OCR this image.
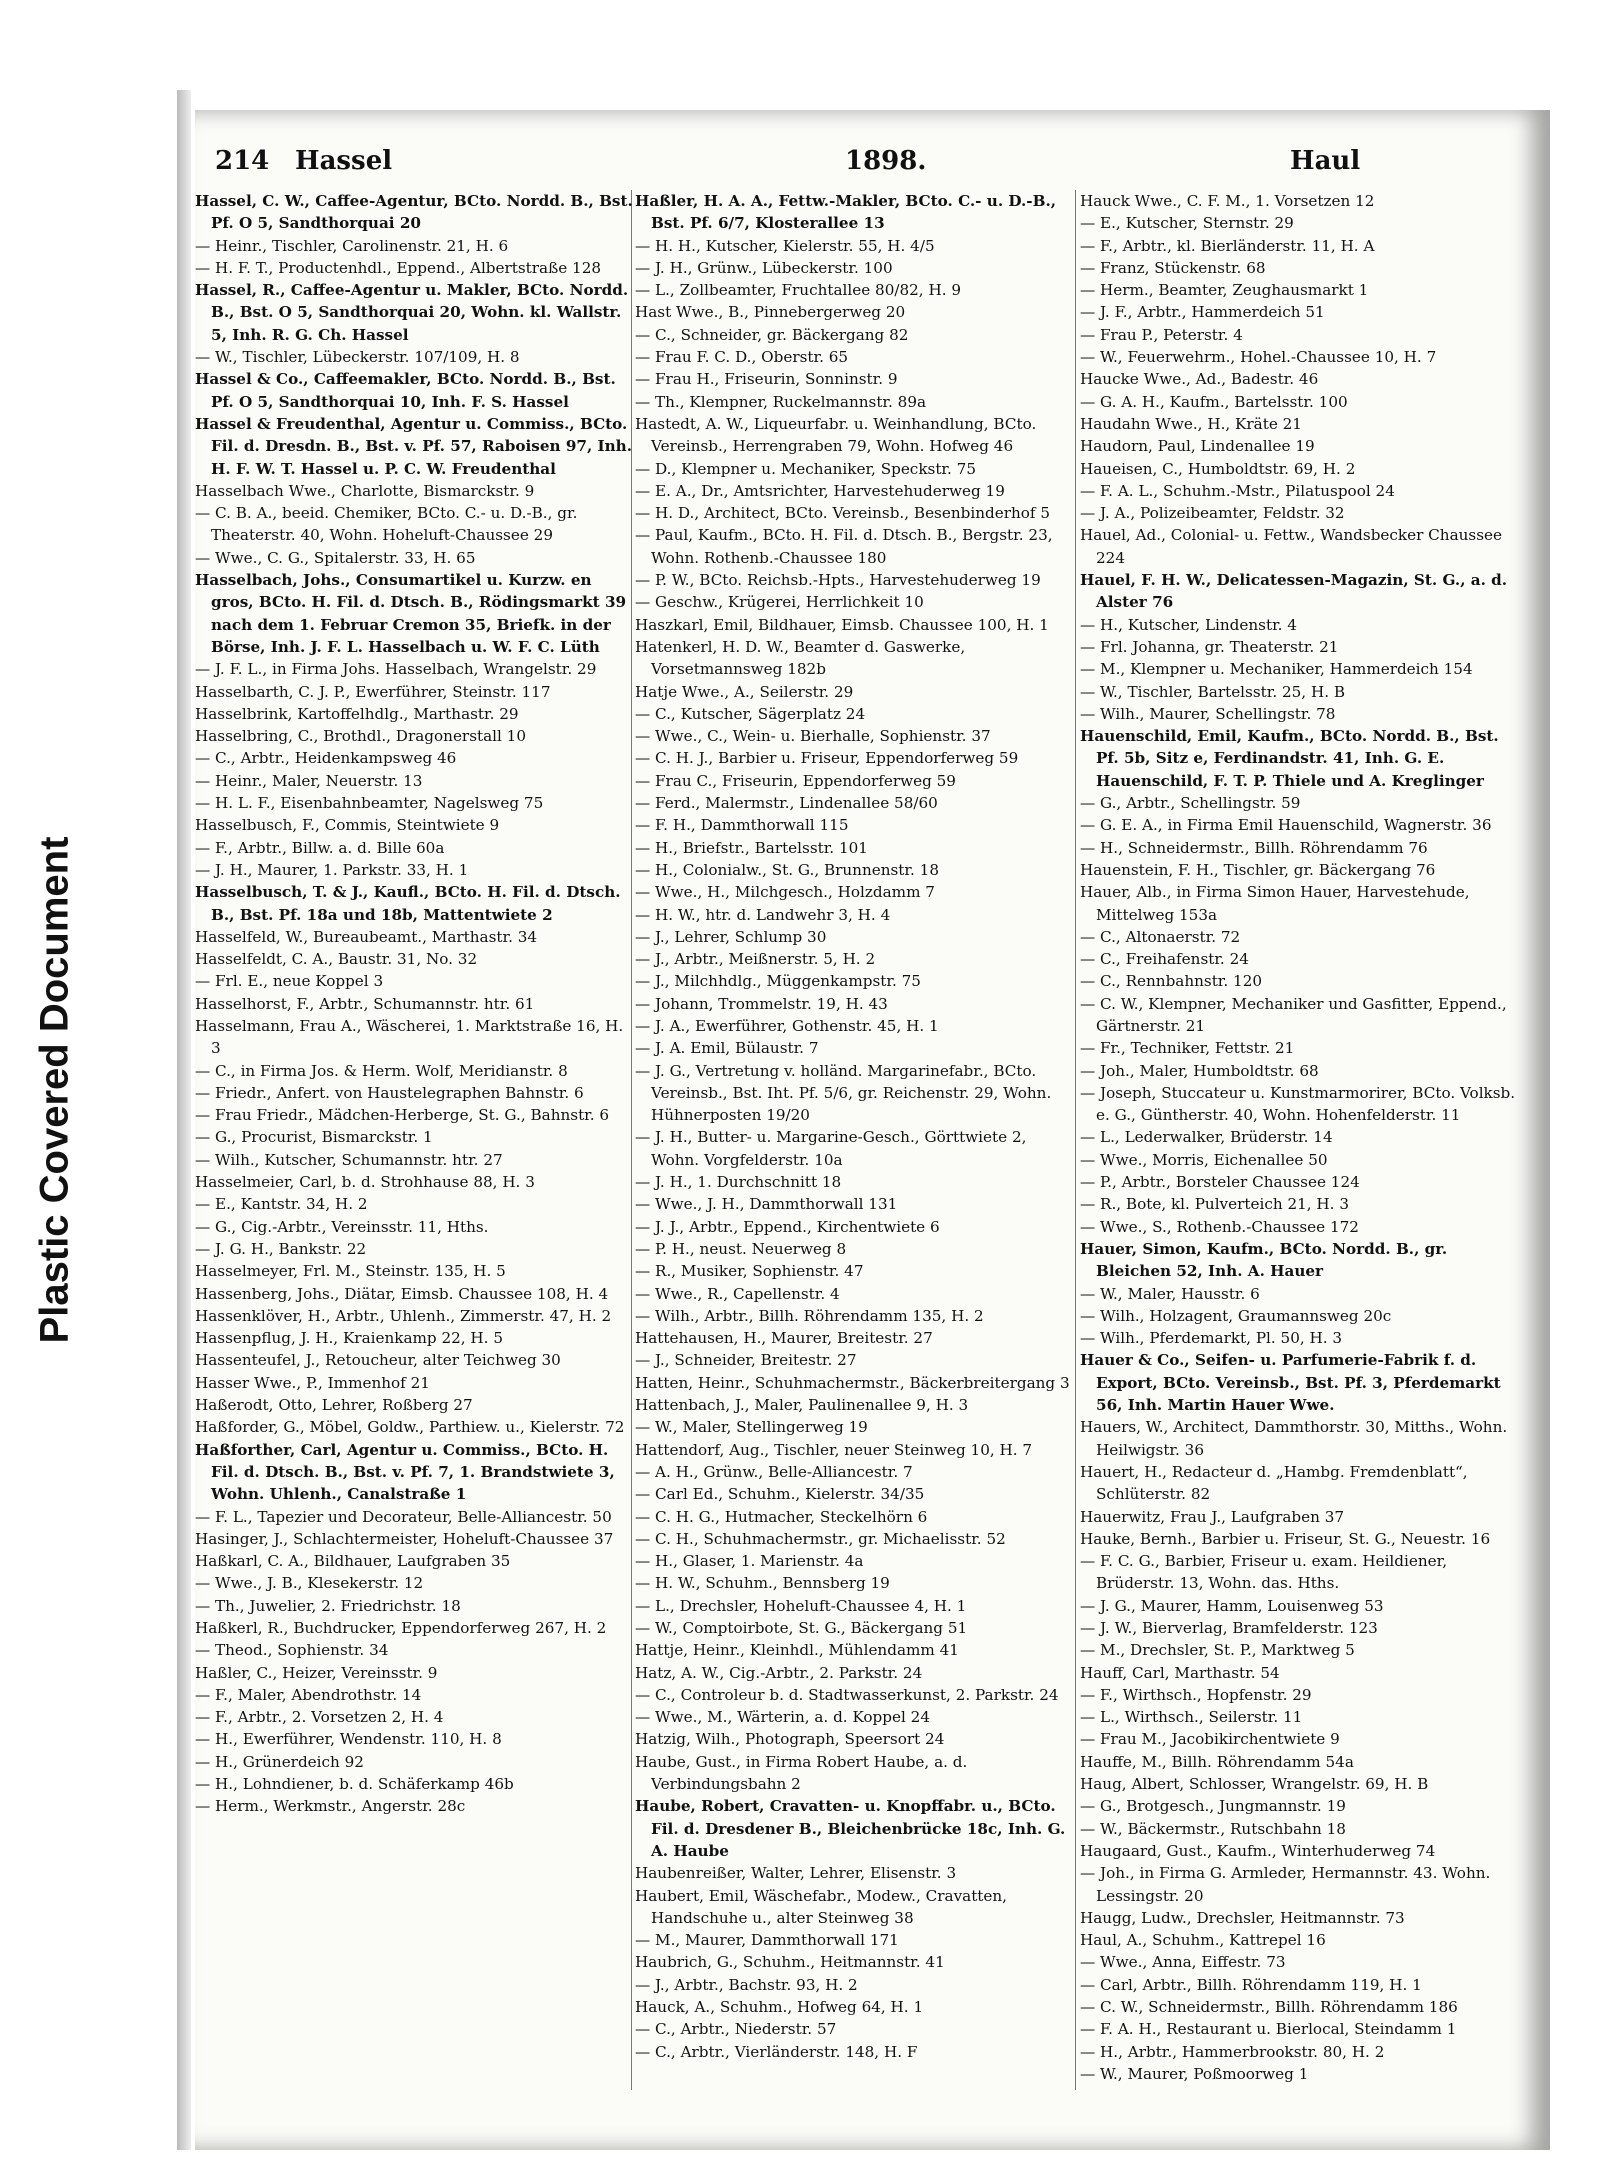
Plastic Covered Document
214 Hassel	1898.	Haul

Hassel, C. W., Caffee-Agentur, BCto. Nordd. B., Bst. Pf. O 5, Sandthorquai 20

— Heinr., Tischler, Carolinenstr. 21, H. 6

— H. F. T., Productenhdl., Eppend., Albertstraße 128

Hassel, R., Caffee-Agentur u. Makler, BCto. Nordd. B., Bst. O 5, Sandthorquai 20, Wohn. kl. Wallstr. 5, Inh. R. G. Ch. Hassel

— W., Tischler, Lübeckerstr. 107/109, H. 8

Hassel & Co., Caffeemakler, BCto. Nordd. B., Bst. Pf. O 5, Sandthorquai 10, Inh. F. S. Hassel

Hassel & Freudenthal, Agentur u. Commiss., BCto. Fil. d. Dresdn. B., Bst. v. Pf. 57, Raboisen 97, Inh. H. F. W. T. Hassel u. P. C. W. Freudenthal

Hasselbach Wwe., Charlotte, Bismarckstr. 9

— C. B. A., beeid. Chemiker, BCto. C.- u. D.-B., gr. Theaterstr. 40, Wohn. Hoheluft-Chaussee 29

— Wwe., C. G., Spitalerstr. 33, H. 65

Hasselbach, Johs., Consumartikel u. Kurzw. en gros, BCto. H. Fil. d. Dtsch. B., Rödingsmarkt 39 nach dem 1. Februar Cremon 35, Briefk. in der Börse, Inh. J. F. L. Hasselbach u. W. F. C. Lüth

— J. F. L., in Firma Johs. Hasselbach, Wrangelstr. 29

Hasselbarth, C. J. P., Ewerführer, Steinstr. 117

Hasselbrink, Kartoffelhdlg., Marthastr. 29

Hasselbring, C., Brothdl., Dragonerstall 10

— C., Arbtr., Heidenkampsweg 46

— Heinr., Maler, Neuerstr. 13

— H. L. F., Eisenbahnbeamter, Nagelsweg 75

Hasselbusch, F., Commis, Steintwiete 9

— F., Arbtr., Billw. a. d. Bille 60a

— J. H., Maurer, 1. Parkstr. 33, H. 1

Hasselbusch, T. & J., Kaufl., BCto. H. Fil. d. Dtsch. B., Bst. Pf. 18a und 18b, Mattentwiete 2

Hasselfeld, W., Bureaubeamt., Marthastr. 34

Hasselfeldt, C. A., Baustr. 31, No. 32

— Frl. E., neue Koppel 3

Hasselhorst, F., Arbtr., Schumannstr. htr. 61

Hasselmann, Frau A., Wäscherei, 1. Marktstraße 16, H. 3

— C., in Firma Jos. & Herm. Wolf, Meridianstr. 8

— Friedr., Anfert. von Haustelegraphen Bahnstr. 6

— Frau Friedr., Mädchen-Herberge, St. G., Bahnstr. 6

— G., Procurist, Bismarckstr. 1

— Wilh., Kutscher, Schumannstr. htr. 27

Hasselmeier, Carl, b. d. Strohhause 88, H. 3

— E., Kantstr. 34, H. 2

— G., Cig.-Arbtr., Vereinsstr. 11, Hths.

— J. G. H., Bankstr. 22

Hasselmeyer, Frl. M., Steinstr. 135, H. 5

Hassenberg, Johs., Diätar, Eimsb. Chaussee 108, H. 4

Hassenklöver, H., Arbtr., Uhlenh., Zimmerstr. 47, H. 2

Hassenpflug, J. H., Kraienkamp 22, H. 5

Hassenteufel, J., Retoucheur, alter Teichweg 30

Hasser Wwe., P., Immenhof 21

Haßerodt, Otto, Lehrer, Roßberg 27

Haßforder, G., Möbel, Goldw., Parthiew. u., Kielerstr. 72

Haßforther, Carl, Agentur u. Commiss., BCto. H. Fil. d. Dtsch. B., Bst. v. Pf. 7, 1. Brandstwiete 3, Wohn. Uhlenh., Canalstraße 1

— F. L., Tapezier und Decorateur, Belle-Alliancestr. 50

Hasinger, J., Schlachtermeister, Hoheluft-Chaussee 37

Haßkarl, C. A., Bildhauer, Laufgraben 35

— Wwe., J. B., Klesekerstr. 12

— Th., Juwelier, 2. Friedrichstr. 18

Haßkerl, R., Buchdrucker, Eppendorferweg 267, H. 2

— Theod., Sophienstr. 34

Haßler, C., Heizer, Vereinsstr. 9

— F., Maler, Abendrothstr. 14

— F., Arbtr., 2. Vorsetzen 2, H. 4

— H., Ewerführer, Wendenstr. 110, H. 8

— H., Grünerdeich 92

— H., Lohndiener, b. d. Schäferkamp 46b

— Herm., Werkmstr., Angerstr. 28c

Haßler, H. A. A., Fettw.-Makler, BCto. C.- u. D.-B., Bst. Pf. 6/7, Klosterallee 13

— H. H., Kutscher, Kielerstr. 55, H. 4/5

— J. H., Grünw., Lübeckerstr. 100

— L., Zollbeamter, Fruchtallee 80/82, H. 9

Hast Wwe., B., Pinnebergerweg 20

— C., Schneider, gr. Bäckergang 82

— Frau F. C. D., Oberstr. 65

— Frau H., Friseurin, Sonninstr. 9

— Th., Klempner, Ruckelmannstr. 89a

Hastedt, A. W., Liqueurfabr. u. Weinhandlung, BCto. Vereinsb., Herrengraben 79, Wohn. Hofweg 46

— D., Klempner u. Mechaniker, Speckstr. 75

— E. A., Dr., Amtsrichter, Harvestehuderweg 19

— H. D., Architect, BCto. Vereinsb., Besenbinderhof 5

— Paul, Kaufm., BCto. H. Fil. d. Dtsch. B., Bergstr. 23, Wohn. Rothenb.-Chaussee 180

— P. W., BCto. Reichsb.-Hpts., Harvestehuderweg 19

— Geschw., Krügerei, Herrlichkeit 10

Haszkarl, Emil, Bildhauer, Eimsb. Chaussee 100, H. 1

Hatenkerl, H. D. W., Beamter d. Gaswerke, Vorsetmannsweg 182b

Hatje Wwe., A., Seilerstr. 29

— C., Kutscher, Sägerplatz 24

— Wwe., C., Wein- u. Bierhalle, Sophienstr. 37

— C. H. J., Barbier u. Friseur, Eppendorferweg 59

— Frau C., Friseurin, Eppendorferweg 59

— Ferd., Malermstr., Lindenallee 58/60

— F. H., Dammthorwall 115

— H., Briefstr., Bartelsstr. 101

— H., Colonialw., St. G., Brunnenstr. 18

— Wwe., H., Milchgesch., Holzdamm 7

— H. W., htr. d. Landwehr 3, H. 4

— J., Lehrer, Schlump 30

— J., Arbtr., Meißnerstr. 5, H. 2

— J., Milchhdlg., Müggenkampstr. 75

— Johann, Trommelstr. 19, H. 43

— J. A., Ewerführer, Gothenstr. 45, H. 1

— J. A. Emil, Bülaustr. 7

— J. G., Vertretung v. holländ. Margarinefabr., BCto. Vereinsb., Bst. Iht. Pf. 5/6, gr. Reichenstr. 29, Wohn. Hühnerposten 19/20

— J. H., Butter- u. Margarine-Gesch., Görttwiete 2, Wohn. Vorgfelderstr. 10a

— J. H., 1. Durchschnitt 18

— Wwe., J. H., Dammthorwall 131

— J. J., Arbtr., Eppend., Kirchentwiete 6

— P. H., neust. Neuerweg 8

— R., Musiker, Sophienstr. 47

— Wwe., R., Capellenstr. 4

— Wilh., Arbtr., Billh. Röhrendamm 135, H. 2

Hattehausen, H., Maurer, Breitestr. 27

— J., Schneider, Breitestr. 27

Hatten, Heinr., Schuhmachermstr., Bäckerbreitergang 3

Hattenbach, J., Maler, Paulinenallee 9, H. 3

— W., Maler, Stellingerweg 19

Hattendorf, Aug., Tischler, neuer Steinweg 10, H. 7

— A. H., Grünw., Belle-Alliancestr. 7

— Carl Ed., Schuhm., Kielerstr. 34/35

— C. H. G., Hutmacher, Steckelhörn 6

— C. H., Schuhmachermstr., gr. Michaelisstr. 52

— H., Glaser, 1. Marienstr. 4a

— H. W., Schuhm., Bennsberg 19

— L., Drechsler, Hoheluft-Chaussee 4, H. 1

— W., Comptoirbote, St. G., Bäckergang 51

Hattje, Heinr., Kleinhdl., Mühlendamm 41

Hatz, A. W., Cig.-Arbtr., 2. Parkstr. 24

— C., Controleur b. d. Stadtwasserkunst, 2. Parkstr. 24

— Wwe., M., Wärterin, a. d. Koppel 24

Hatzig, Wilh., Photograph, Speersort 24

Haube, Gust., in Firma Robert Haube, a. d. Verbindungsbahn 2

Haube, Robert, Cravatten- u. Knopffabr. u., BCto. Fil. d. Dresdener B., Bleichenbrücke 18c, Inh. G. A. Haube

Haubenreißer, Walter, Lehrer, Elisenstr. 3

Haubert, Emil, Wäschefabr., Modew., Cravatten, Handschuhe u., alter Steinweg 38

— M., Maurer, Dammthorwall 171

Haubrich, G., Schuhm., Heitmannstr. 41

— J., Arbtr., Bachstr. 93, H. 2

Hauck, A., Schuhm., Hofweg 64, H. 1

— C., Arbtr., Niederstr. 57

— C., Arbtr., Vierländerstr. 148, H. F

Hauck Wwe., C. F. M., 1. Vorsetzen 12

— E., Kutscher, Sternstr. 29

— F., Arbtr., kl. Bierländerstr. 11, H. A

— Franz, Stückenstr. 68

— Herm., Beamter, Zeughausmarkt 1

— J. F., Arbtr., Hammerdeich 51

— Frau P., Peterstr. 4

— W., Feuerwehrm., Hohel.-Chaussee 10, H. 7

Haucke Wwe., Ad., Badestr. 46

— G. A. H., Kaufm., Bartelsstr. 100

Haudahn Wwe., H., Kräte 21

Haudorn, Paul, Lindenallee 19

Haueisen, C., Humboldtstr. 69, H. 2

— F. A. L., Schuhm.-Mstr., Pilatuspool 24

— J. A., Polizeibeamter, Feldstr. 32

Hauel, Ad., Colonial- u. Fettw., Wandsbecker Chaussee 224

Hauel, F. H. W., Delicatessen-Magazin, St. G., a. d. Alster 76

— H., Kutscher, Lindenstr. 4

— Frl. Johanna, gr. Theaterstr. 21

— M., Klempner u. Mechaniker, Hammerdeich 154

— W., Tischler, Bartelsstr. 25, H. B

— Wilh., Maurer, Schellingstr. 78

Hauenschild, Emil, Kaufm., BCto. Nordd. B., Bst. Pf. 5b, Sitz e, Ferdinandstr. 41, Inh. G. E. Hauenschild, F. T. P. Thiele und A. Kreglinger

— G., Arbtr., Schellingstr. 59

— G. E. A., in Firma Emil Hauenschild, Wagnerstr. 36

— H., Schneidermstr., Billh. Röhrendamm 76

Hauenstein, F. H., Tischler, gr. Bäckergang 76

Hauer, Alb., in Firma Simon Hauer, Harvestehude, Mittelweg 153a

— C., Altonaerstr. 72

— C., Freihafenstr. 24

— C., Rennbahnstr. 120

— C. W., Klempner, Mechaniker und Gasfitter, Eppend., Gärtnerstr. 21

— Fr., Techniker, Fettstr. 21

— Joh., Maler, Humboldtstr. 68

— Joseph, Stuccateur u. Kunstmarmorirer, BCto. Volksb. e. G., Güntherstr. 40, Wohn. Hohenfelderstr. 11

— L., Lederwalker, Brüderstr. 14

— Wwe., Morris, Eichenallee 50

— P., Arbtr., Borsteler Chaussee 124

— R., Bote, kl. Pulverteich 21, H. 3

— Wwe., S., Rothenb.-Chaussee 172

Hauer, Simon, Kaufm., BCto. Nordd. B., gr. Bleichen 52, Inh. A. Hauer

— W., Maler, Hausstr. 6

— Wilh., Holzagent, Graumannsweg 20c

— Wilh., Pferdemarkt, Pl. 50, H. 3

Hauer & Co., Seifen- u. Parfumerie-Fabrik f. d. Export, BCto. Vereinsb., Bst. Pf. 3, Pferdemarkt 56, Inh. Martin Hauer Wwe.

Hauers, W., Architect, Dammthorstr. 30, Mitths., Wohn. Heilwigstr. 36

Hauert, H., Redacteur d. „Hambg. Fremdenblatt“, Schlüterstr. 82

Hauerwitz, Frau J., Laufgraben 37

Hauke, Bernh., Barbier u. Friseur, St. G., Neuestr. 16

— F. C. G., Barbier, Friseur u. exam. Heildiener, Brüderstr. 13, Wohn. das. Hths.

— J. G., Maurer, Hamm, Louisenweg 53

— J. W., Bierverlag, Bramfelderstr. 123

— M., Drechsler, St. P., Marktweg 5

Hauff, Carl, Marthastr. 54

— F., Wirthsch., Hopfenstr. 29

— L., Wirthsch., Seilerstr. 11

— Frau M., Jacobikirchentwiete 9

Hauffe, M., Billh. Röhrendamm 54a

Haug, Albert, Schlosser, Wrangelstr. 69, H. B

— G., Brotgesch., Jungmannstr. 19

— W., Bäckermstr., Rutschbahn 18

Haugaard, Gust., Kaufm., Winterhuderweg 74

— Joh., in Firma G. Armleder, Hermannstr. 43. Wohn. Lessingstr. 20

Haugg, Ludw., Drechsler, Heitmannstr. 73

Haul, A., Schuhm., Kattrepel 16

— Wwe., Anna, Eiffestr. 73

— Carl, Arbtr., Billh. Röhrendamm 119, H. 1

— C. W., Schneidermstr., Billh. Röhrendamm 186

— F. A. H., Restaurant u. Bierlocal, Steindamm 1

— H., Arbtr., Hammerbrookstr. 80, H. 2

— W., Maurer, Poßmoorweg 1
